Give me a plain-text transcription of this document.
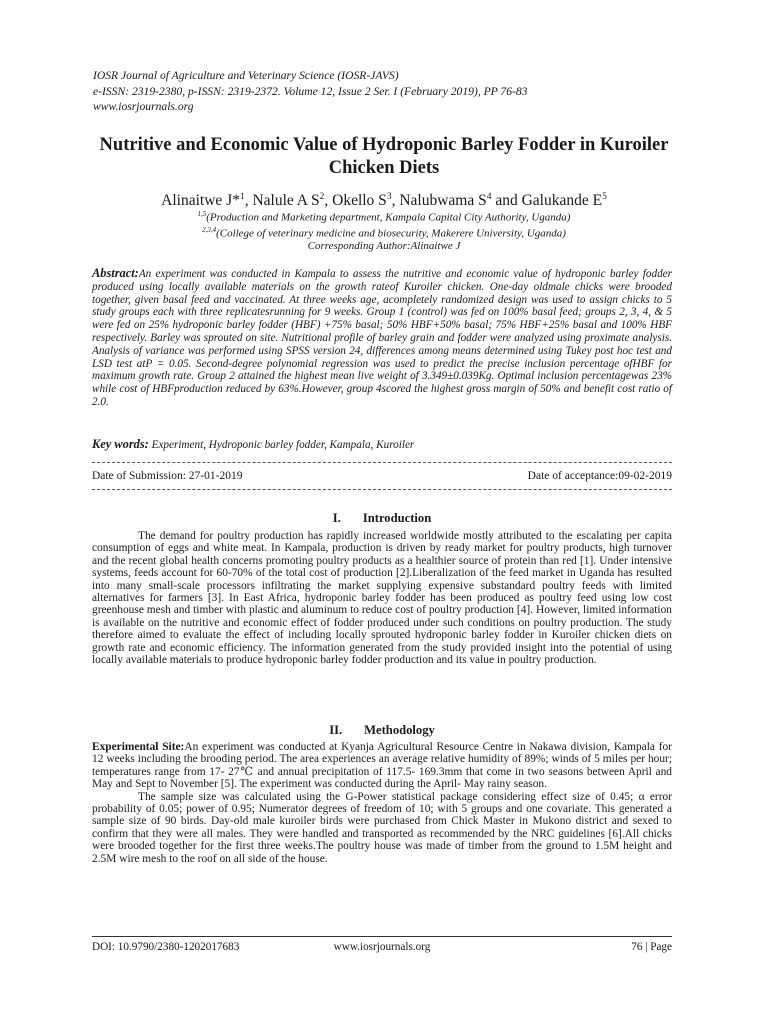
IOSR Journal of Agriculture and Veterinary Science (IOSR-JAVS)
e-ISSN: 2319-2380, p-ISSN: 2319-2372. Volume 12, Issue 2 Ser. I (February 2019), PP 76-83
www.iosrjournals.org
Nutritive and Economic Value of Hydroponic Barley Fodder in Kuroiler Chicken Diets
Alinaitwe J*$^1$, Nalule A $S^2$, Okello $S^3$, Nalubwama $S^4$ and Galukande $E^5$
$^{1,5}$(Production and Marketing department, Kampala Capital City Authority, Uganda)
$^{2,3,4}$(College of veterinary medicine and biosecurity, Makerere University, Uganda)
Corresponding Author:Alinaitwe J
Abstract:An experiment was conducted in Kampala to assess the nutritive and economic value of hydroponic barley fodder produced using locally available materials on the growth rateof Kuroiler chicken. One-day oldmale chicks were brooded together, given basal feed and vaccinated. At three weeks age, acompletely randomized design was used to assign chicks to 5 study groups each with three replicatesrunning for 9 weeks. Group 1 (control) was fed on 100% basal feed; groups 2, 3, 4, & 5 were fed on 25% hydroponic barley fodder (HBF) +75% basal; 50% HBF+50% basal; 75% HBF+25% basal and 100% HBF respectively. Barley was sprouted on site. Nutritional profile of barley grain and fodder were analyzed using proximate analysis. Analysis of variance was performed using SPSS version 24, differences among means determined using Tukey post hoc test and LSD test atP = 0.05. Second-degree polynomial regression was used to predict the precise inclusion percentage ofHBF for maximum growth rate. Group 2 attained the highest mean live weight of 3.349±0.039Kg. Optimal inclusion percentagewas 23% while cost of HBFproduction reduced by 63%.However, group 4scored the highest gross margin of 50% and benefit cost ratio of 2.0.
Key words: Experiment, Hydroponic barley fodder, Kampala, Kuroiler
Date of Submission: 27-01-2019	Date of acceptance:09-02-2019
I. Introduction

The demand for poultry production has rapidly increased worldwide mostly attributed to the escalating per capita consumption of eggs and white meat. In Kampala, production is driven by ready market for poultry products, high turnover and the recent global health concerns promoting poultry products as a healthier source of protein than red [1]. Under intensive systems, feeds account for 60-70% of the total cost of production [2].Liberalization of the feed market in Uganda has resulted into many small-scale processors infiltrating the market supplying expensive substandard poultry feeds with limited alternatives for farmers [3]. In East Africa, hydroponic barley fodder has been produced as poultry feed using low cost greenhouse mesh and timber with plastic and aluminum to reduce cost of poultry production [4]. However, limited information is available on the nutritive and economic effect of fodder produced under such conditions on poultry production. The study therefore aimed to evaluate the effect of including locally sprouted hydroponic barley fodder in Kuroiler chicken diets on growth rate and economic efficiency. The information generated from the study provided insight into the potential of using locally available materials to produce hydroponic barley fodder production and its value in poultry production.

II. Methodology

Experimental Site:An experiment was conducted at Kyanja Agricultural Resource Centre in Nakawa division, Kampala for 12 weeks including the brooding period. The area experiences an average relative humidity of 89%; winds of 5 miles per hour; temperatures range from 17- 27℃ and annual precipitation of 117.5- 169.3mm that come in two seasons between April and May and Sept to November [5]. The experiment was conducted during the April- May rainy season.

The sample size was calculated using the G-Power statistical package considering effect size of 0.45; α error probability of 0.05; power of 0.95; Numerator degrees of freedom of 10; with 5 groups and one covariate. This generated a sample size of 90 birds. Day-old male kuroiler birds were purchased from Chick Master in Mukono district and sexed to confirm that they were all males. They were handled and transported as recommended by the NRC guidelines [6].All chicks were brooded together for the first three weeks.The poultry house was made of timber from the ground to 1.5M height and 2.5M wire mesh to the roof on all side of the house.

DOI: 10.9790/2380-1202017683	www.iosrjournals.org	76 | Page
